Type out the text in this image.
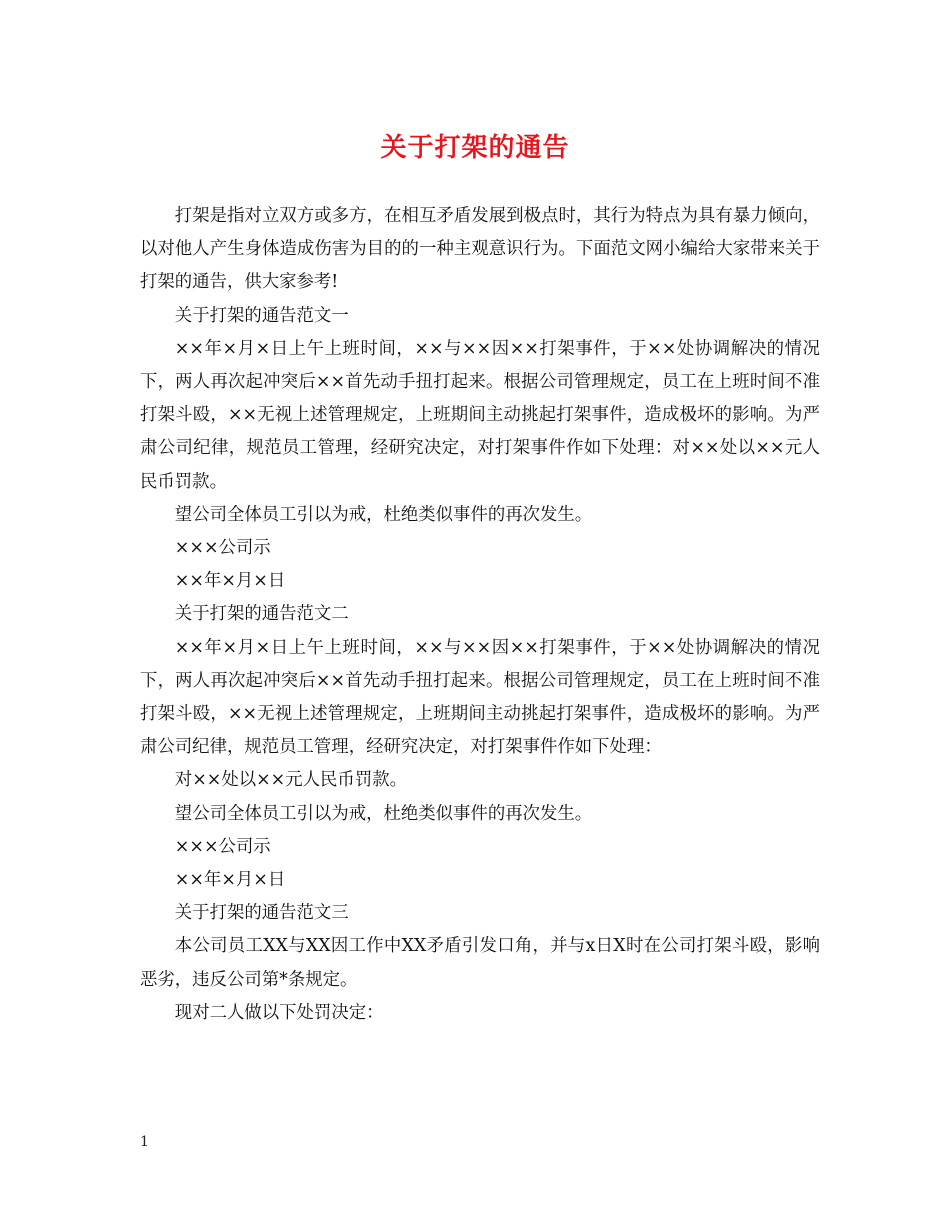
关于打架的通告

打架是指对立双方或多方，在相互矛盾发展到极点时，其行为特点为具有暴力倾向，以对他人产生身体造成伤害为目的的一种主观意识行为。下面范文网小编给大家带来关于打架的通告，供大家参考!

关于打架的通告范文一

××年×月×日上午上班时间，××与××因××打架事件，于××处协调解决的情况下，两人再次起冲突后××首先动手扭打起来。根据公司管理规定，员工在上班时间不准打架斗殴，××无视上述管理规定，上班期间主动挑起打架事件，造成极坏的影响。为严肃公司纪律，规范员工管理，经研究决定，对打架事件作如下处理：对××处以××元人民币罚款。

望公司全体员工引以为戒，杜绝类似事件的再次发生。

×××公司示

××年×月×日

关于打架的通告范文二

××年×月×日上午上班时间，××与××因××打架事件，于××处协调解决的情况下，两人再次起冲突后××首先动手扭打起来。根据公司管理规定，员工在上班时间不准打架斗殴，××无视上述管理规定，上班期间主动挑起打架事件，造成极坏的影响。为严肃公司纪律，规范员工管理，经研究决定，对打架事件作如下处理：

对××处以××元人民币罚款。

望公司全体员工引以为戒，杜绝类似事件的再次发生。

×××公司示

××年×月×日

关于打架的通告范文三

本公司员工XX与XX因工作中XX矛盾引发口角，并与x日X时在公司打架斗殴，影响恶劣，违反公司第*条规定。

现对二人做以下处罚决定：

1
